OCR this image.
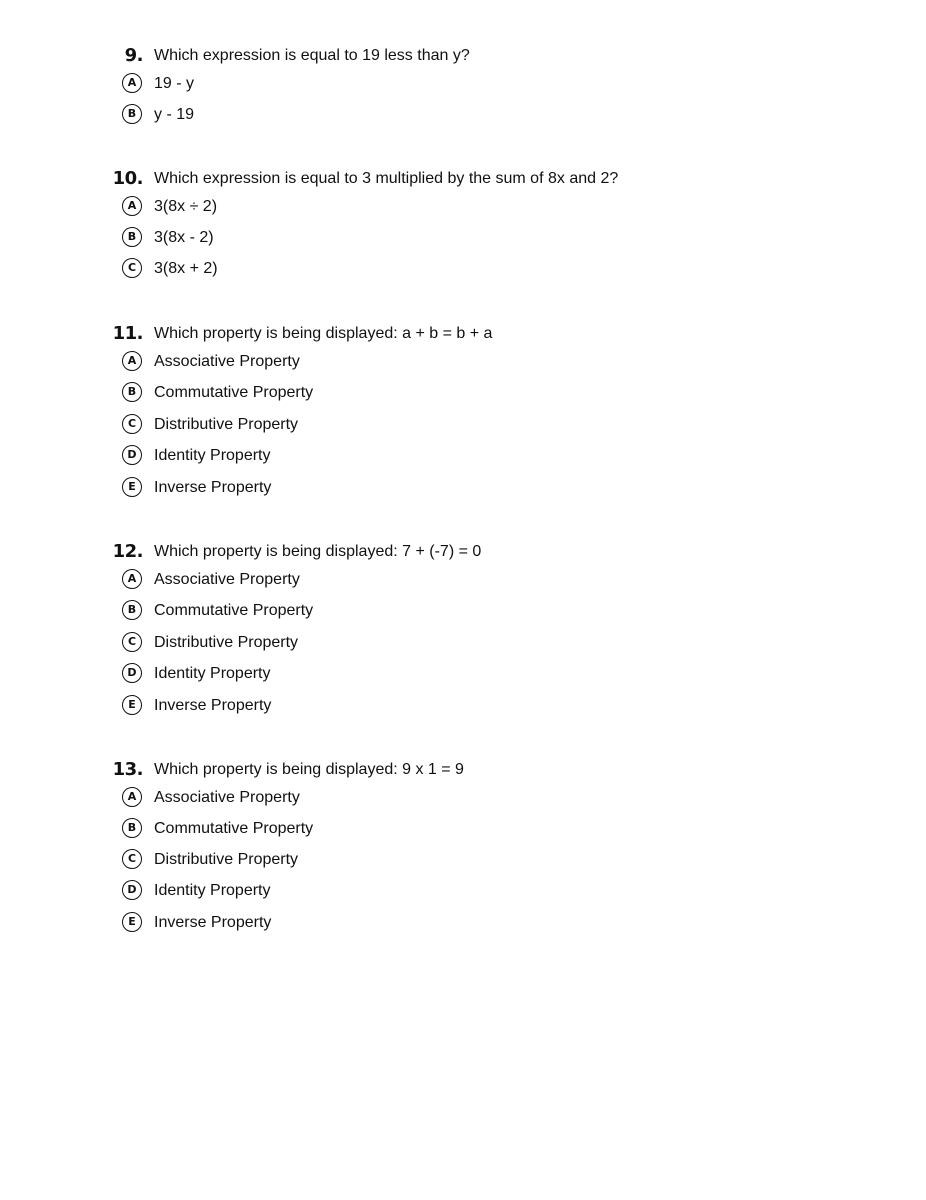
9. Which expression is equal to 19 less than y?
A	19 - y
B	y - 19
10. Which expression is equal to 3 multiplied by the sum of 8x and 2?
A	3(8x ÷ 2)
B	3(8x - 2)
C	3(8x + 2)
11. Which property is being displayed: a + b = b + a
A	Associative Property
B	Commutative Property
C	Distributive Property
D	Identity Property
E	Inverse Property
12. Which property is being displayed: 7 + (-7) = 0
A	Associative Property
B	Commutative Property
C	Distributive Property
D	Identity Property
E	Inverse Property
13. Which property is being displayed: 9 x 1 = 9
A	Associative Property
B	Commutative Property
C	Distributive Property
D	Identity Property
E	Inverse Property
